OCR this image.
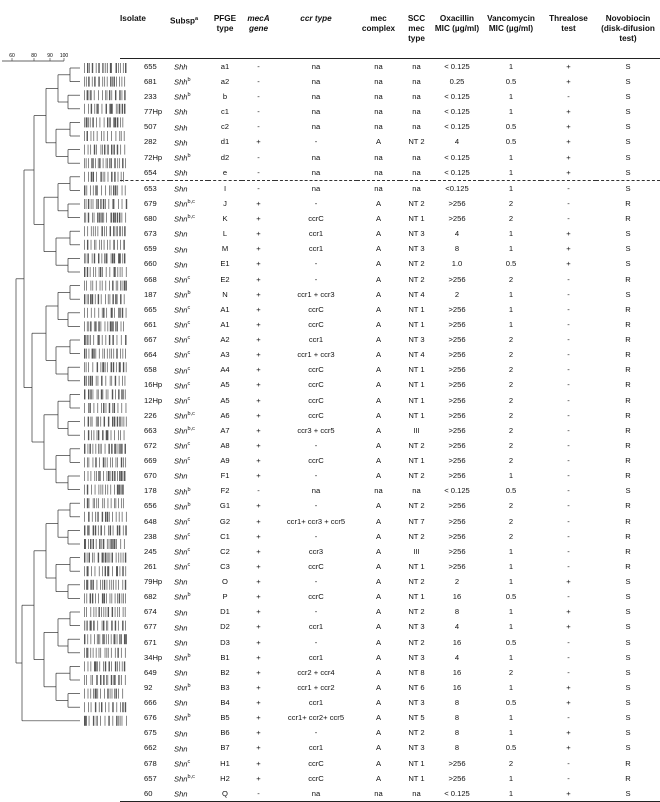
60	80 90 100
Isolate	Subsp$^a$	PFGE type	mecA gene	ccr type	mec complex	SCC mec type	Oxacillin MIC (µg/ml)	Vancomycin MIC (µg/ml)	Threalose test	Novobiocin (disk-difusion test)
655	Shh	a1	-	na	na	na	< 0.125	1	+	S
681	Shh$^b$	a2	-	na	na	na	0.25	0.5	+	S
233	Shh$^b$	b	-	na	na	na	< 0.125	1	-	S
77Hp	Shh	c1	-	na	na	na	< 0.125	1	+	S
507	Shh	c2	-	na	na	na	< 0.125	0.5	+	S
282	Shh	d1	+	-	A	NT 2	4	0.5	+	S
72Hp	Shh$^b$	d2	-	na	na	na	< 0.125	1	+	S
654	Shh	e	-	na	na	na	< 0.125	1	+	S
653	Shn	I	-	na	na	na	<0.125	1	-	S
679	Shn$^{b,c}$	J	+	-	A	NT 2	>256	2	-	R
680	Shn$^{b,c}$	K	+	ccrC	A	NT 1	>256	2	-	R
673	Shn	L	+	ccr1	A	NT 3	4	1	+	S
659	Shn	M	+	ccr1	A	NT 3	8	1	+	S
660	Shn	E1	+	-	A	NT 2	1.0	0.5	+	S
668	Shn$^c$	E2	+	-	A	NT 2	>256	2	-	R
187	Shn$^b$	N	+	ccr1 + ccr3	A	NT 4	2	1	-	S
665	Shn$^c$	A1	+	ccrC	A	NT 1	>256	1	-	R
661	Shn$^c$	A1	+	ccrC	A	NT 1	>256	1	-	R
667	Shn$^c$	A2	+	ccr1	A	NT 3	>256	2	-	R
664	Shn$^c$	A3	+	ccr1 + ccr3	A	NT 4	>256	2	-	R
658	Shn$^c$	A4	+	ccrC	A	NT 1	>256	2	-	R
16Hp	Shn$^c$	A5	+	ccrC	A	NT 1	>256	2	-	R
12Hp	Shn$^c$	A5	+	ccrC	A	NT 1	>256	2	-	R
226	Shn$^{b,c}$	A6	+	ccrC	A	NT 1	>256	2	-	R
663	Shn$^{b,c}$	A7	+	ccr3 + ccr5	A	III	>256	2	-	R
672	Shn$^c$	A8	+	-	A	NT 2	>256	2	-	R
669	Shn$^c$	A9	+	ccrC	A	NT 1	>256	2	-	R
670	Shn	F1	+	-	A	NT 2	>256	1	-	R
178	Shh$^b$	F2	-	na	na	na	< 0.125	0.5	-	S
656	Shn$^b$	G1	+	-	A	NT 2	>256	2	-	R
648	Shn$^c$	G2	+	ccr1+ ccr3 + ccr5	A	NT 7	>256	2	-	R
238	Shn$^c$	C1	+	-	A	NT 2	>256	2	-	R
245	Shn$^c$	C2	+	ccr3	A	III	>256	1	-	R
261	Shn$^c$	C3	+	ccrC	A	NT 1	>256	1	-	R
79Hp	Shn	O	+	-	A	NT 2	2	1	+	S
682	Shn$^b$	P	+	ccrC	A	NT 1	16	0.5	-	S
674	Shn	D1	+	-	A	NT 2	8	1	+	S
677	Shn	D2	+	ccr1	A	NT 3	4	1	+	S
671	Shn	D3	+	-	A	NT 2	16	0.5	-	S
34Hp	Shn$^b$	B1	+	ccr1	A	NT 3	4	1	-	S
649	Shn	B2	+	ccr2 + ccr4	A	NT 8	16	2	-	S
92	Shn$^b$	B3	+	ccr1 + ccr2	A	NT 6	16	1	+	S
666	Shn	B4	+	ccr1	A	NT 3	8	0.5	+	S
676	Shn$^b$	B5	+	ccr1+ ccr2+ ccr5	A	NT 5	8	1	-	S
675	Shn	B6	+	-	A	NT 2	8	1	+	S
662	Shn	B7	+	ccr1	A	NT 3	8	0.5	+	S
678	Shn$^c$	H1	+	ccrC	A	NT 1	>256	2	-	R
657	Shn$^{b,c}$	H2	+	ccrC	A	NT 1	>256	1	-	R
60	Shn	Q	-	na	na	na	< 0.125	1	+	S
